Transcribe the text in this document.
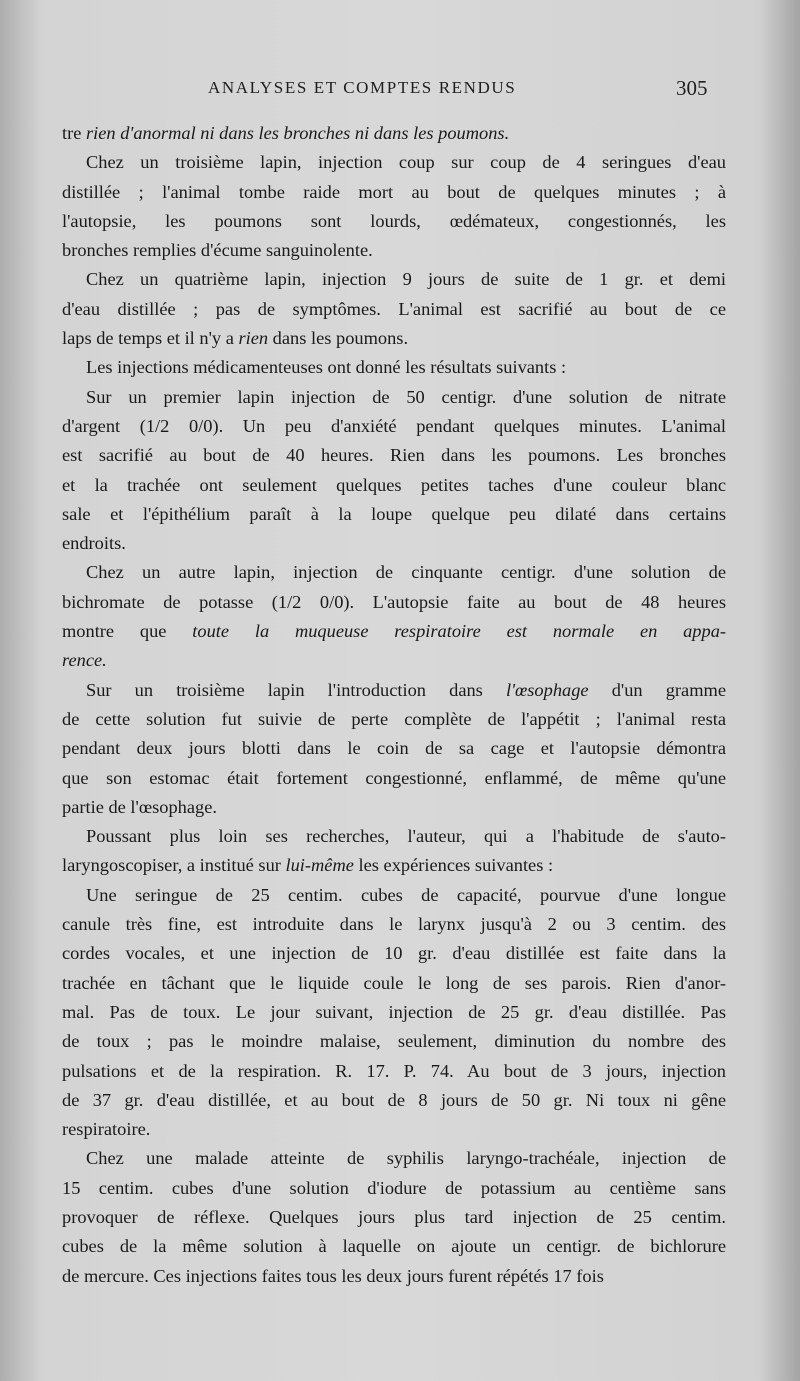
ANALYSES ET COMPTES RENDUS	305
tre rien d'anormal ni dans les bronches ni dans les poumons.
Chez un troisième lapin, injection coup sur coup de 4 seringues d'eau
distillée ; l'animal tombe raide mort au bout de quelques minutes ; à
l'autopsie, les poumons sont lourds, œdémateux, congestionnés, les
bronches remplies d'écume sanguinolente.
Chez un quatrième lapin, injection 9 jours de suite de 1 gr. et demi
d'eau distillée ; pas de symptômes. L'animal est sacrifié au bout de ce
laps de temps et il n'y a rien dans les poumons.
Les injections médicamenteuses ont donné les résultats suivants :
Sur un premier lapin injection de 50 centigr. d'une solution de nitrate
d'argent (1/2 0/0). Un peu d'anxiété pendant quelques minutes. L'animal
est sacrifié au bout de 40 heures. Rien dans les poumons. Les bronches
et la trachée ont seulement quelques petites taches d'une couleur blanc
sale et l'épithélium paraît à la loupe quelque peu dilaté dans certains
endroits.
Chez un autre lapin, injection de cinquante centigr. d'une solution de
bichromate de potasse (1/2 0/0). L'autopsie faite au bout de 48 heures
montre que toute la muqueuse respiratoire est normale en appa-
rence.
Sur un troisième lapin l'introduction dans l'œsophage d'un gramme
de cette solution fut suivie de perte complète de l'appétit ; l'animal resta
pendant deux jours blotti dans le coin de sa cage et l'autopsie démontra
que son estomac était fortement congestionné, enflammé, de même qu'une
partie de l'œsophage.
Poussant plus loin ses recherches, l'auteur, qui a l'habitude de s'auto-
laryngoscopiser, a institué sur lui-même les expériences suivantes :
Une seringue de 25 centim. cubes de capacité, pourvue d'une longue
canule très fine, est introduite dans le larynx jusqu'à 2 ou 3 centim. des
cordes vocales, et une injection de 10 gr. d'eau distillée est faite dans la
trachée en tâchant que le liquide coule le long de ses parois. Rien d'anor-
mal. Pas de toux. Le jour suivant, injection de 25 gr. d'eau distillée. Pas
de toux ; pas le moindre malaise, seulement, diminution du nombre des
pulsations et de la respiration. R. 17. P. 74. Au bout de 3 jours, injection
de 37 gr. d'eau distillée, et au bout de 8 jours de 50 gr. Ni toux ni gêne
respiratoire.
Chez une malade atteinte de syphilis laryngo-trachéale, injection de
15 centim. cubes d'une solution d'iodure de potassium au centième sans
provoquer de réflexe. Quelques jours plus tard injection de 25 centim.
cubes de la même solution à laquelle on ajoute un centigr. de bichlorure
de mercure. Ces injections faites tous les deux jours furent répétés 17 fois
